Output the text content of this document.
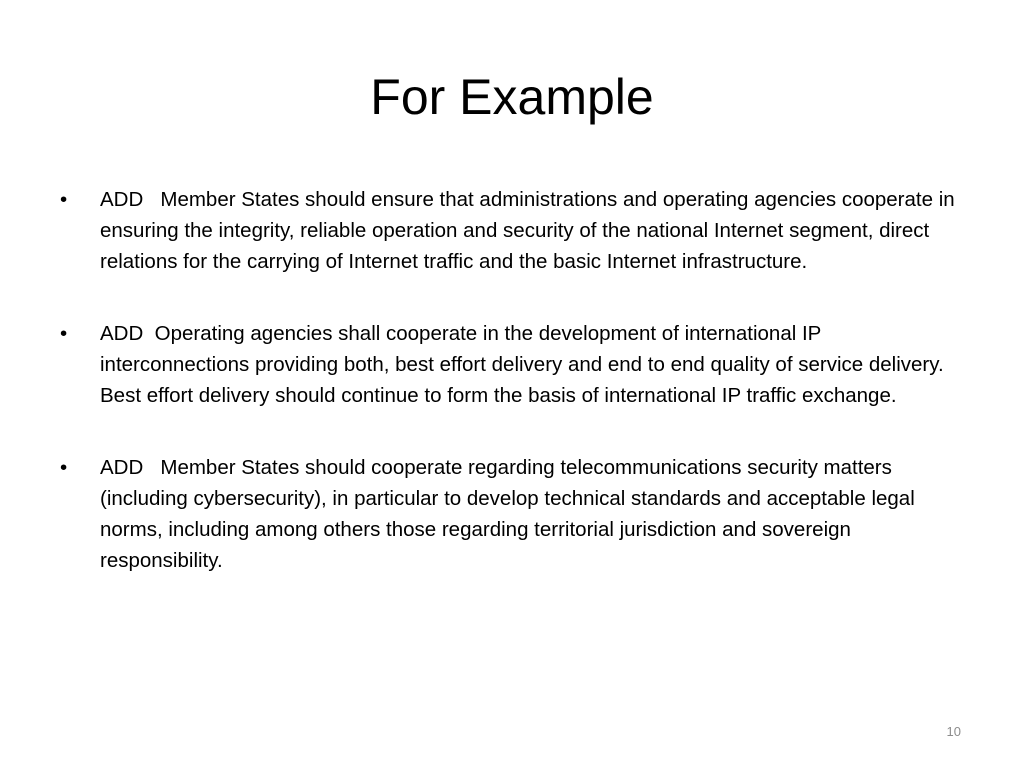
For Example
•	ADD   Member States should ensure that administrations and operating agencies cooperate in ensuring the integrity, reliable operation and security of the national Internet segment, direct relations for the carrying of Internet traffic and the basic Internet infrastructure.
•	ADD  Operating agencies shall cooperate in the development of international IP interconnections providing both, best effort delivery and end to end quality of service delivery. Best effort delivery should continue to form the basis of international IP traffic exchange.
•	ADD   Member States should cooperate regarding telecommunications security matters (including cybersecurity), in particular to develop technical standards and acceptable legal norms, including among others those regarding territorial jurisdiction and sovereign responsibility.
10
